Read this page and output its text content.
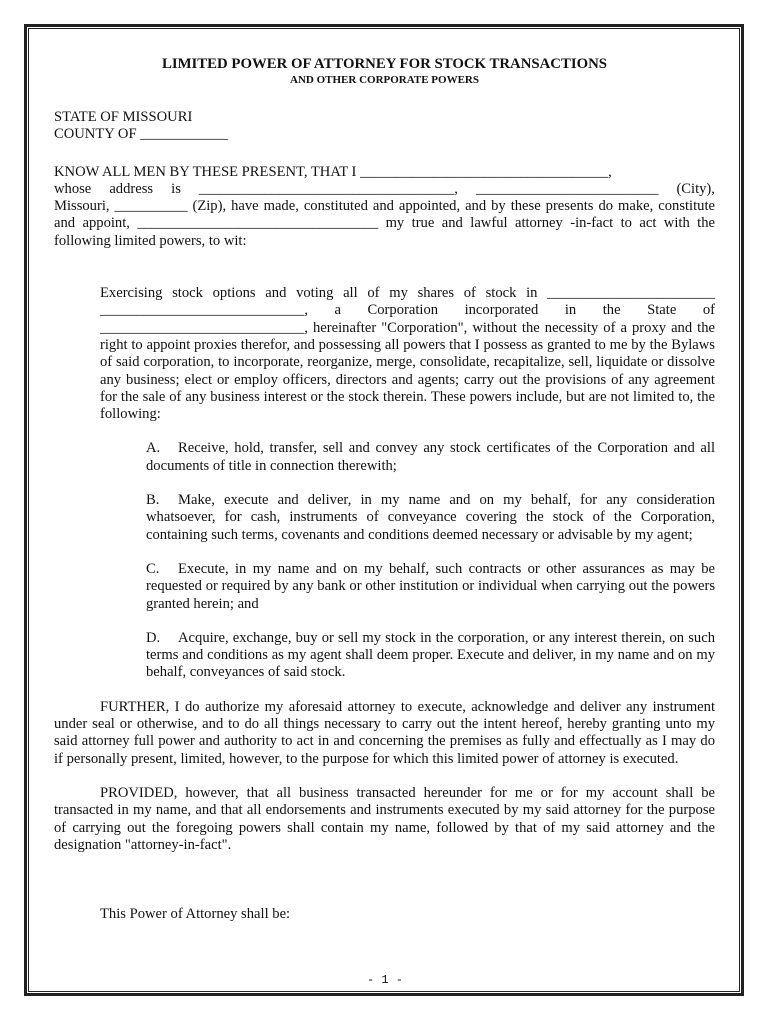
LIMITED POWER OF ATTORNEY FOR STOCK TRANSACTIONS
AND OTHER CORPORATE POWERS

STATE OF MISSOURI

COUNTY OF ____________

KNOW ALL MEN BY THESE PRESENT, THAT I __________________________________,

whose address is ___________________________________, _________________________ (City),

Missouri, __________ (Zip), have made, constituted and appointed, and by these presents do make, constitute and appoint, _________________________________ my true and lawful attorney -in-fact to act with the following limited powers, to wit:

Exercising stock options and voting all of my shares of stock in _______________________ ____________________________, a Corporation incorporated in the State of ____________________________, hereinafter "Corporation", without the necessity of a proxy and the right to appoint proxies therefor, and possessing all powers that I possess as granted to me by the Bylaws of said corporation, to incorporate, reorganize, merge, consolidate, recapitalize, sell, liquidate or dissolve any business; elect or employ officers, directors and agents; carry out the provisions of any agreement for the sale of any business interest or the stock therein. These powers include, but are not limited to, the following:

A. Receive, hold, transfer, sell and convey any stock certificates of the Corporation and all documents of title in connection therewith;

B. Make, execute and deliver, in my name and on my behalf, for any consideration whatsoever, for cash, instruments of conveyance covering the stock of the Corporation, containing such terms, covenants and conditions deemed necessary or advisable by my agent;

C. Execute, in my name and on my behalf, such contracts or other assurances as may be requested or required by any bank or other institution or individual when carrying out the powers granted herein; and

D. Acquire, exchange, buy or sell my stock in the corporation, or any interest therein, on such terms and conditions as my agent shall deem proper. Execute and deliver, in my name and on my behalf, conveyances of said stock.

FURTHER, I do authorize my aforesaid attorney to execute, acknowledge and deliver any instrument under seal or otherwise, and to do all things necessary to carry out the intent hereof, hereby granting unto my said attorney full power and authority to act in and concerning the premises as fully and effectually as I may do if personally present, limited, however, to the purpose for which this limited power of attorney is executed.

PROVIDED, however, that all business transacted hereunder for me or for my account shall be transacted in my name, and that all endorsements and instruments executed by my said attorney for the purpose of carrying out the foregoing powers shall contain my name, followed by that of my said attorney and the designation "attorney-in-fact".

This Power of Attorney shall be:

- 1 -
